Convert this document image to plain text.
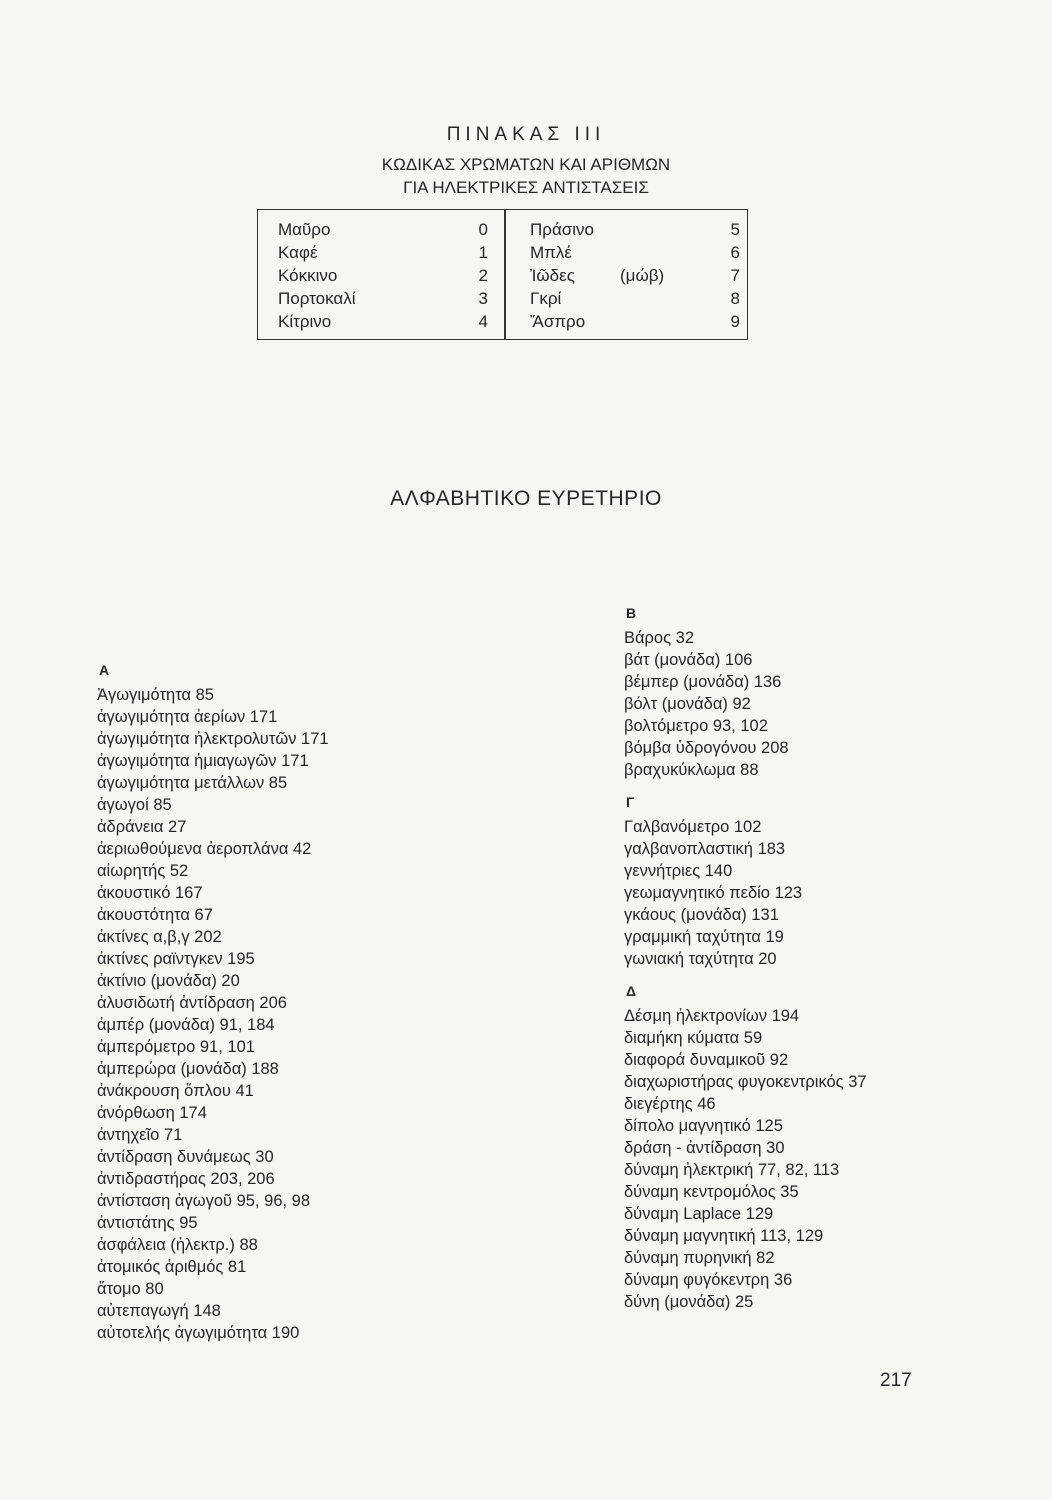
ΠΙΝΑΚΑΣ ΙΙΙ
ΚΩΔΙΚΑΣ ΧΡΩΜΑΤΩΝ ΚΑΙ ΑΡΙΘΜΩΝ
ΓΙΑ ΗΛΕΚΤΡΙΚΕΣ ΑΝΤΙΣΤΑΣΕΙΣ
Μαῦρο	0
Καφέ	1
Κόκκινο	2
Πορτοκαλί	3
Κίτρινο	4
Πράσινο	5
Μπλέ	6
Ἰῶδες	(μώβ)	7
Γκρί	8
Ἄσπρο	9
ΑΛΦΑΒΗΤΙΚΟ ΕΥΡΕΤΗΡΙΟ
Α
Ἀγωγιμότητα 85
ἀγωγιμότητα ἀερίων 171
ἀγωγιμότητα ἠλεκτρολυτῶν 171
ἀγωγιμότητα ἡμιαγωγῶν 171
ἀγωγιμότητα μετάλλων 85
ἀγωγοί 85
ἀδράνεια 27
ἀεριωθούμενα ἀεροπλάνα 42
αἰωρητής 52
ἀκουστικό 167
ἀκουστότητα 67
ἀκτίνες α,β,γ 202
ἀκτίνες ραϊντγκεν 195
ἀκτίνιο (μονάδα) 20
ἀλυσιδωτή ἀντίδραση 206
ἀμπέρ (μονάδα) 91, 184
ἀμπερόμετρο 91, 101
ἀμπερώρα (μονάδα) 188
ἀνάκρουση ὅπλου 41
ἀνόρθωση 174
ἀντηχεῖο 71
ἀντίδραση δυνάμεως 30
ἀντιδραστήρας 203, 206
ἀντίσταση ἀγωγοῦ 95, 96, 98
ἀντιστάτης 95
ἀσφάλεια (ἠλεκτρ.) 88
ἀτομικός ἀριθμός 81
ἄτομο 80
αὐτεπαγωγή 148
αὐτοτελής ἀγωγιμότητα 190
Β
Βάρος 32
βάτ (μονάδα) 106
βέμπερ (μονάδα) 136
βόλτ (μονάδα) 92
βολτόμετρο 93, 102
βόμβα ὑδρογόνου 208
βραχυκύκλωμα 88
Γ
Γαλβανόμετρο 102
γαλβανοπλαστική 183
γεννήτριες 140
γεωμαγνητικό πεδίο 123
γκάους (μονάδα) 131
γραμμική ταχύτητα 19
γωνιακή ταχύτητα 20
Δ
Δέσμη ἠλεκτρονίων 194
διαμήκη κύματα 59
διαφορά δυναμικοῦ 92
διαχωριστήρας φυγοκεντρικός 37
διεγέρτης 46
δίπολο μαγνητικό 125
δράση - ἀντίδραση 30
δύναμη ἠλεκτρική 77, 82, 113
δύναμη κεντρομόλος 35
δύναμη Laplace 129
δύναμη μαγνητική 113, 129
δύναμη πυρηνική 82
δύναμη φυγόκεντρη 36
δύνη (μονάδα) 25
217
